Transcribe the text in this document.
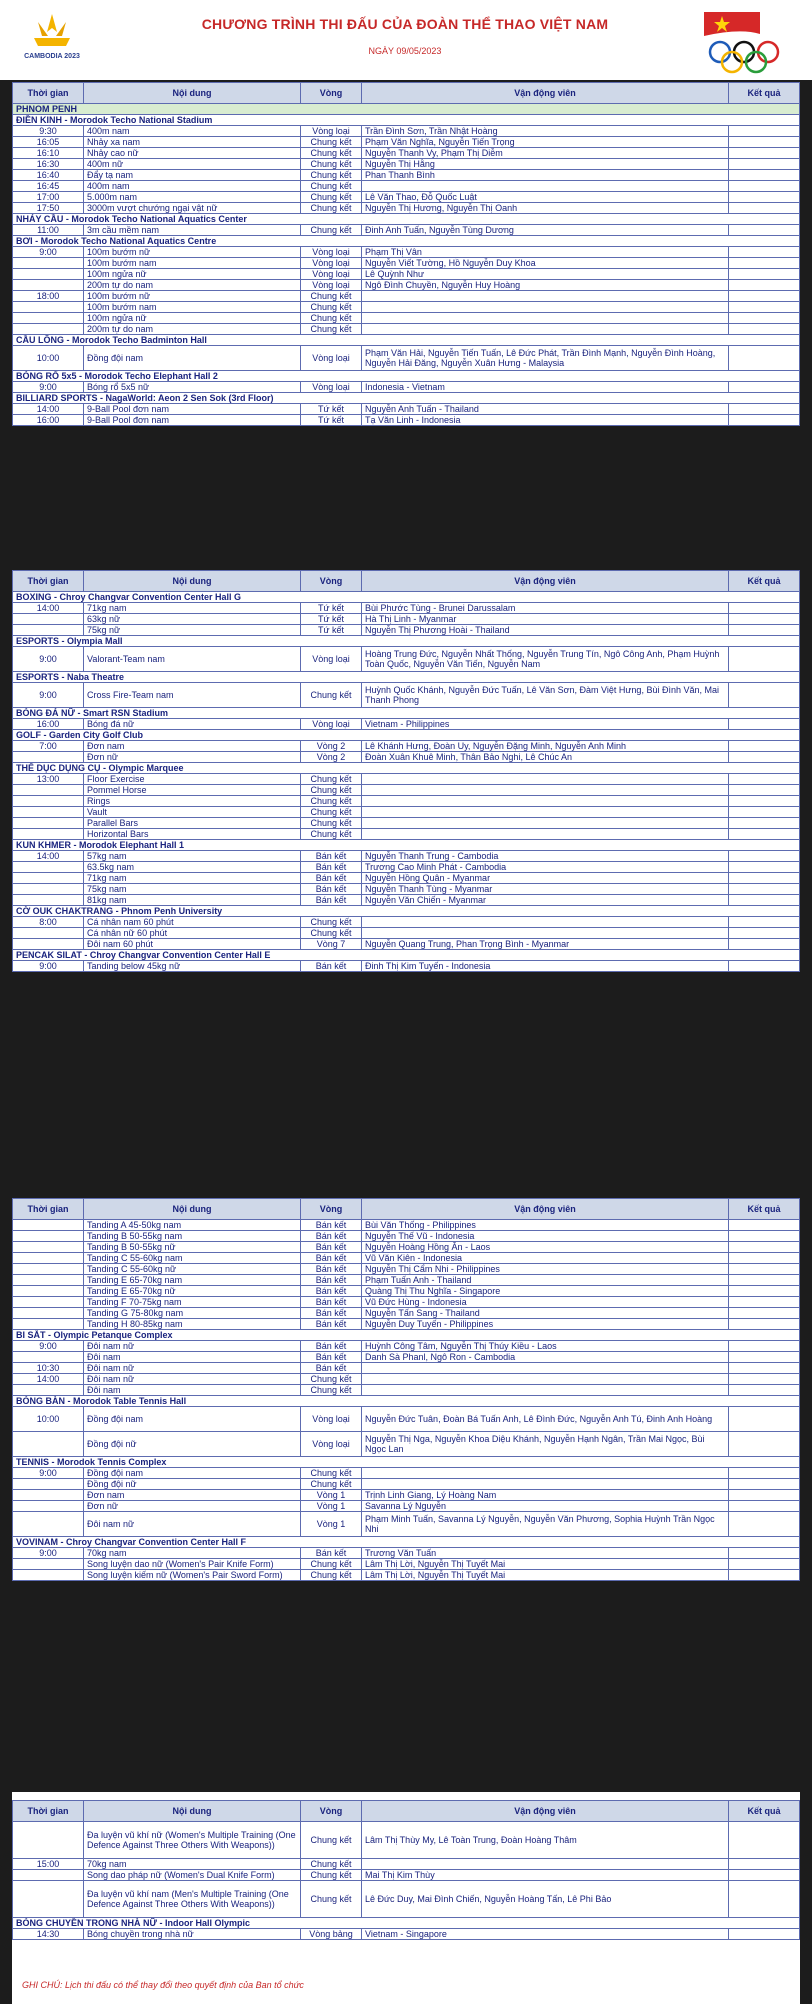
CAMBODIA 2023
CHƯƠNG TRÌNH THI ĐẤU CỦA ĐOÀN THỂ THAO VIỆT NAM
NGÀY 09/05/2023
Thời gian	Nội dung	Vòng	Vận động viên	Kết quả
PHNOM PENH				
ĐIỀN KINH - Morodok Techo National Stadium				
9:30	400m nam	Vòng loại	Trần Đình Sơn, Trần Nhật Hoàng	
16:05	Nhảy xa nam	Chung kết	Phạm Văn Nghĩa, Nguyễn Tiến Trọng	
16:10	Nhảy cao nữ	Chung kết	Nguyễn Thanh Vy, Phạm Thị Diễm	
16:30	400m nữ	Chung kết	Nguyễn Thị Hằng	
16:40	Đẩy tạ nam	Chung kết	Phan Thanh Bình	
16:45	400m nam	Chung kết		
17:00	5.000m nam	Chung kết	Lê Văn Thao, Đỗ Quốc Luật	
17:50	3000m vượt chướng ngại vật nữ	Chung kết	Nguyễn Thị Hương, Nguyễn Thị Oanh	
NHẢY CẦU - Morodok Techo National Aquatics Center				
11:00	3m cầu mềm nam	Chung kết	Đinh Anh Tuấn, Nguyễn Tùng Dương	
BƠI - Morodok Techo National Aquatics Centre				
9:00	100m bướm nữ	Vòng loại	Phạm Thị Vân	
	100m bướm nam	Vòng loại	Nguyễn Viết Tường, Hồ Nguyễn Duy Khoa	
	100m ngửa nữ	Vòng loại	Lê Quỳnh Như	
	200m tự do nam	Vòng loại	Ngô Đình Chuyền, Nguyễn Huy Hoàng	
18:00	100m bướm nữ	Chung kết		
	100m bướm nam	Chung kết		
	100m ngửa nữ	Chung kết		
	200m tự do nam	Chung kết		
CẦU LÔNG - Morodok Techo Badminton Hall				
10:00	Đồng đội nam	Vòng loại	Phạm Văn Hải, Nguyễn Tiến Tuấn, Lê Đức Phát, Trần Đình Mạnh, Nguyễn Đình Hoàng, Nguyễn Hải Đăng, Nguyễn Xuân Hưng - Malaysia	
BÓNG RỔ 5x5 - Morodok Techo Elephant Hall 2				
9:00	Bóng rổ 5x5 nữ	Vòng loại	Indonesia - Vietnam	
BILLIARD SPORTS - NagaWorld: Aeon 2 Sen Sok (3rd Floor)				
14:00	9-Ball Pool đơn nam	Tứ kết	Nguyễn Anh Tuấn - Thailand	
16:00	9-Ball Pool đơn nam	Tứ kết	Tạ Văn Linh - Indonesia	
Thời gian	Nội dung	Vòng	Vận động viên	Kết quả
BOXING - Chroy Changvar Convention Center Hall G				
14:00	71kg nam	Tứ kết	Bùi Phước Tùng - Brunei Darussalam	
	63kg nữ	Tứ kết	Hà Thị Linh - Myanmar	
	75kg nữ	Tứ kết	Nguyễn Thị Phương Hoài - Thailand	
ESPORTS - Olympia Mall				
9:00	Valorant-Team nam	Vòng loại	Hoàng Trung Đức, Nguyễn Nhất Thống, Nguyễn Trung Tín, Ngô Công Anh, Phạm Huỳnh Toàn Quốc, Nguyễn Văn Tiến, Nguyễn Nam	
ESPORTS - Naba Theatre				
9:00	Cross Fire-Team nam	Chung kết	Huỳnh Quốc Khánh, Nguyễn Đức Tuấn, Lê Văn Sơn, Đàm Việt Hưng, Bùi Đình Văn, Mai Thanh Phong	
BÓNG ĐÁ NỮ - Smart RSN Stadium				
16:00	Bóng đá nữ	Vòng loại	Vietnam - Philippines	
GOLF - Garden City Golf Club				
7:00	Đơn nam	Vòng 2	Lê Khánh Hưng, Đoàn Uy, Nguyễn Đặng Minh, Nguyễn Anh Minh	
	Đơn nữ	Vòng 2	Đoàn Xuân Khuê Minh, Thân Bảo Nghi, Lê Chúc An	
THỂ DỤC DỤNG CỤ - Olympic Marquee				
13:00	Floor Exercise	Chung kết		
	Pommel Horse	Chung kết		
	Rings	Chung kết		
	Vault	Chung kết		
	Parallel Bars	Chung kết		
	Horizontal Bars	Chung kết		
KUN KHMER - Morodok Elephant Hall 1				
14:00	57kg nam	Bán kết	Nguyễn Thanh Trung - Cambodia	
	63.5kg nam	Bán kết	Trương Cao Minh Phát - Cambodia	
	71kg nam	Bán kết	Nguyễn Hồng Quân - Myanmar	
	75kg nam	Bán kết	Nguyễn Thanh Tùng - Myanmar	
	81kg nam	Bán kết	Nguyễn Văn Chiến - Myanmar	
CỜ OUK CHAKTRANG - Phnom Penh University				
8:00	Cá nhân nam 60 phút	Chung kết		
	Cá nhân nữ 60 phút	Chung kết		
	Đôi nam 60 phút	Vòng 7	Nguyễn Quang Trung, Phan Trọng Bình - Myanmar	
PENCAK SILAT - Chroy Changvar Convention Center Hall E				
9:00	Tanding below 45kg nữ	Bán kết	Đinh Thị Kim Tuyến - Indonesia	
Thời gian	Nội dung	Vòng	Vận động viên	Kết quả
	Tanding A 45-50kg nam	Bán kết	Bùi Văn Thống - Philippines	
	Tanding B 50-55kg nam	Bán kết	Nguyễn Thế Vũ - Indonesia	
	Tanding B 50-55kg nữ	Bán kết	Nguyễn Hoàng Hồng Ân - Laos	
	Tanding C 55-60kg nam	Bán kết	Vũ Văn Kiên - Indonesia	
	Tanding C 55-60kg nữ	Bán kết	Nguyễn Thị Cẩm Nhi - Philippines	
	Tanding E 65-70kg nam	Bán kết	Phạm Tuấn Anh - Thailand	
	Tanding E 65-70kg nữ	Bán kết	Quàng Thị Thu Nghĩa - Singapore	
	Tanding F 70-75kg nam	Bán kết	Vũ Đức Hùng - Indonesia	
	Tanding G 75-80kg nam	Bán kết	Nguyễn Tấn Sang - Thailand	
	Tanding H 80-85kg nam	Bán kết	Nguyễn Duy Tuyến - Philippines	
BI SẮT - Olympic Petanque Complex				
9:00	Đôi nam nữ	Bán kết	Huỳnh Công Tâm, Nguyễn Thị Thúy Kiều - Laos	
	Đôi nam	Bán kết	Danh Sà Phanl, Ngô Ron - Cambodia	
10:30	Đôi nam nữ	Bán kết		
14:00	Đôi nam nữ	Chung kết		
	Đôi nam	Chung kết		
BÓNG BÀN - Morodok Table Tennis Hall				
10:00	Đồng đội nam	Vòng loại	Nguyễn Đức Tuân, Đoàn Bá Tuấn Anh, Lê Đình Đức, Nguyễn Anh Tú, Đinh Anh Hoàng	
	Đồng đội nữ	Vòng loại	Nguyễn Thị Nga, Nguyễn Khoa Diệu Khánh, Nguyễn Hạnh Ngân, Trần Mai Ngọc, Bùi Ngọc Lan	
TENNIS - Morodok Tennis Complex				
9:00	Đồng đội nam	Chung kết		
	Đồng đội nữ	Chung kết		
	Đơn nam	Vòng 1	Trịnh Linh Giang, Lý Hoàng Nam	
	Đơn nữ	Vòng 1	Savanna Lý Nguyễn	
	Đôi nam nữ	Vòng 1	Phạm Minh Tuấn, Savanna Lý Nguyễn, Nguyễn Văn Phương, Sophia Huỳnh Trần Ngọc Nhi	
VOVINAM - Chroy Changvar Convention Center Hall F				
9:00	70kg nam	Bán kết	Trương Văn Tuấn	
	Song luyện dao nữ (Women's Pair Knife Form)	Chung kết	Lâm Thị Lời, Nguyễn Thị Tuyết Mai	
	Song luyện kiếm nữ (Women's Pair Sword Form)	Chung kết	Lâm Thị Lời, Nguyễn Thị Tuyết Mai	
Thời gian	Nội dung	Vòng	Vận động viên	Kết quả
	Đa luyện vũ khí nữ (Women's Multiple Training (One Defence Against Three Others With Weapons))	Chung kết	Lâm Thị Thùy My, Lê Toàn Trung, Đoàn Hoàng Thâm	
15:00	70kg nam	Chung kết		
	Song dao pháp nữ (Women's Dual Knife Form)	Chung kết	Mai Thị Kim Thùy	
	Đa luyện vũ khí nam (Men's Multiple Training (One Defence Against Three Others With Weapons))	Chung kết	Lê Đức Duy, Mai Đình Chiến, Nguyễn Hoàng Tấn, Lê Phi Bảo	
BÓNG CHUYỀN TRONG NHÀ NỮ - Indoor Hall Olympic				
14:30	Bóng chuyền trong nhà nữ	Vòng bảng	Vietnam - Singapore	
GHI CHÚ: Lịch thi đấu có thể thay đổi theo quyết định của Ban tổ chức
